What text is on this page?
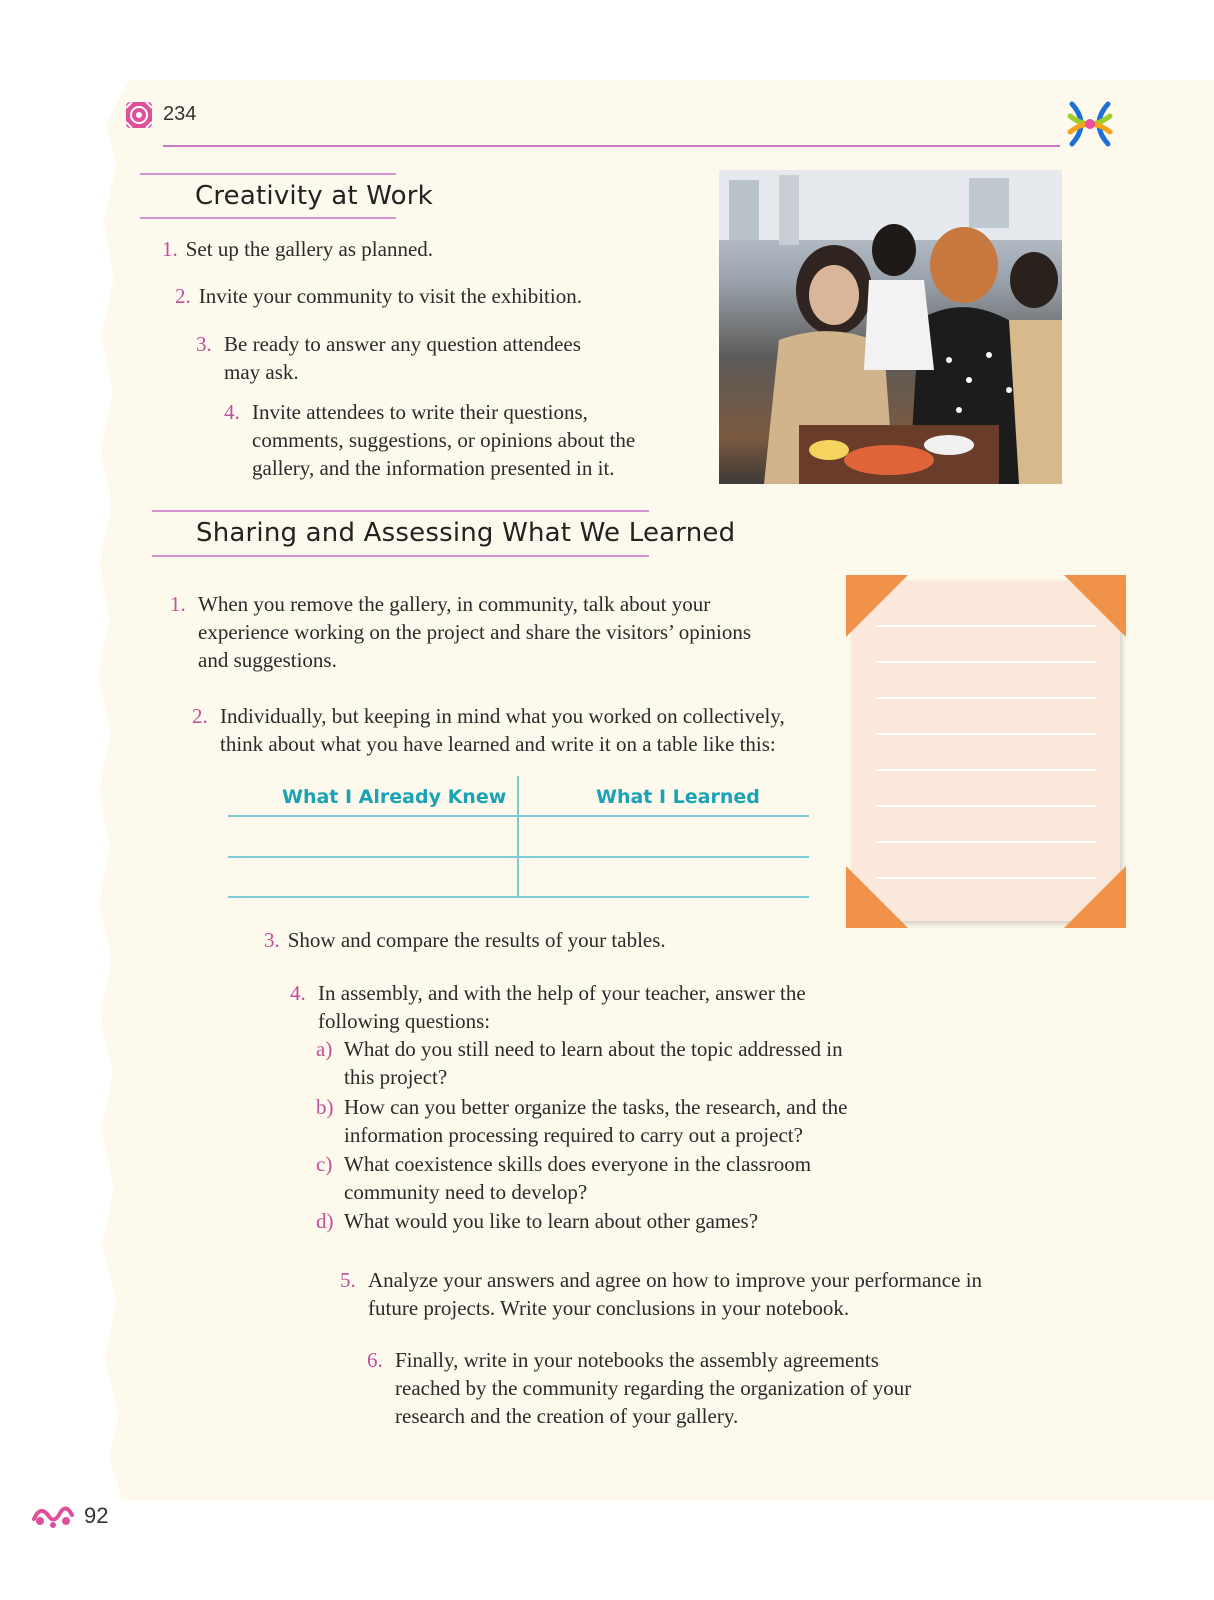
234
Creativity at Work
1. Set up the gallery as planned.
2. Invite your community to visit the exhibition.
3. Be ready to answer any question attendees may ask.
4. Invite attendees to write their questions, comments, suggestions, or opinions about the gallery, and the information presented in it.
Sharing and Assessing What We Learned
1. When you remove the gallery, in community, talk about your experience working on the project and share the visitors’ opinions and suggestions.
2. Individually, but keeping in mind what you worked on collectively, think about what you have learned and write it on a table like this:
What I Already Knew	What I Learned
3. Show and compare the results of your tables.
4. In assembly, and with the help of your teacher, answer the following questions:
a) What do you still need to learn about the topic addressed in this project?
b) How can you better organize the tasks, the research, and the information processing required to carry out a project?
c) What coexistence skills does everyone in the classroom community need to develop?
d) What would you like to learn about other games?
5. Analyze your answers and agree on how to improve your performance in future projects. Write your conclusions in your notebook.
6. Finally, write in your notebooks the assembly agreements reached by the community regarding the organization of your research and the creation of your gallery.
92
